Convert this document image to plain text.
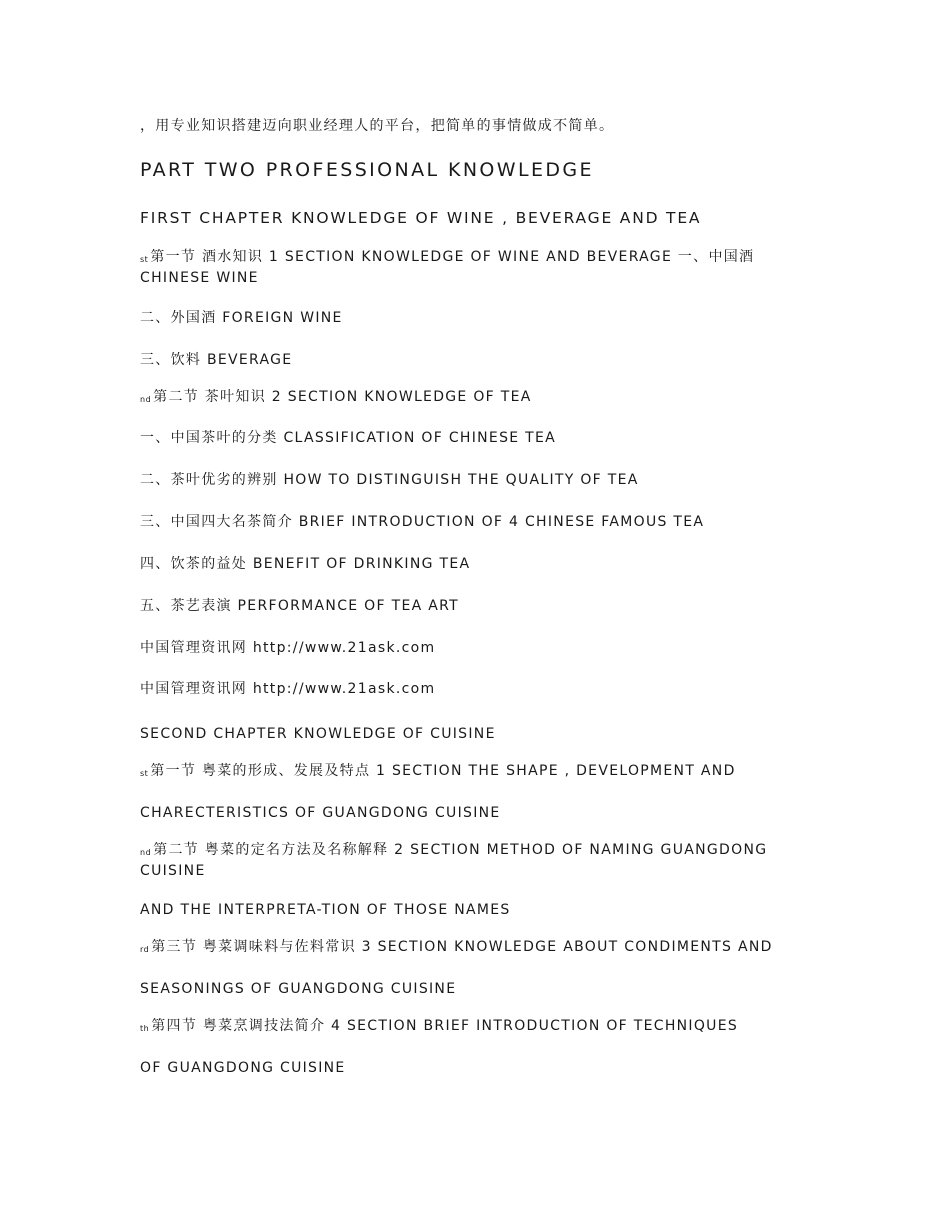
，用专业知识搭建迈向职业经理人的平台，把简单的事情做成不简单。
PART TWO PROFESSIONAL KNOWLEDGE
FIRST CHAPTER KNOWLEDGE OF WINE , BEVERAGE AND TEA
st 第一节 酒水知识 1 SECTION KNOWLEDGE OF WINE AND BEVERAGE 一、中国酒 CHINESE WINE
二、外国酒 FOREIGN WINE
三、饮料 BEVERAGE
nd 第二节 茶叶知识 2 SECTION KNOWLEDGE OF TEA
一、中国茶叶的分类 CLASSIFICATION OF CHINESE TEA
二、茶叶优劣的辨别 HOW TO DISTINGUISH THE QUALITY OF TEA
三、中国四大名茶简介 BRIEF INTRODUCTION OF 4 CHINESE FAMOUS TEA
四、饮茶的益处 BENEFIT OF DRINKING TEA
五、茶艺表演 PERFORMANCE OF TEA ART
中国管理资讯网 http://www.21ask.com
中国管理资讯网 http://www.21ask.com
SECOND CHAPTER KNOWLEDGE OF CUISINE
st 第一节 粤菜的形成、发展及特点 1 SECTION THE SHAPE , DEVELOPMENT AND
CHARECTERISTICS OF GUANGDONG CUISINE
nd 第二节 粤菜的定名方法及名称解释 2 SECTION METHOD OF NAMING GUANGDONG CUISINE
AND THE INTERPRETA-TION OF THOSE NAMES
rd 第三节 粤菜调味料与佐料常识 3 SECTION KNOWLEDGE ABOUT CONDIMENTS AND
SEASONINGS OF GUANGDONG CUISINE
th 第四节 粤菜烹调技法简介 4 SECTION BRIEF INTRODUCTION OF TECHNIQUES
OF GUANGDONG CUISINE
